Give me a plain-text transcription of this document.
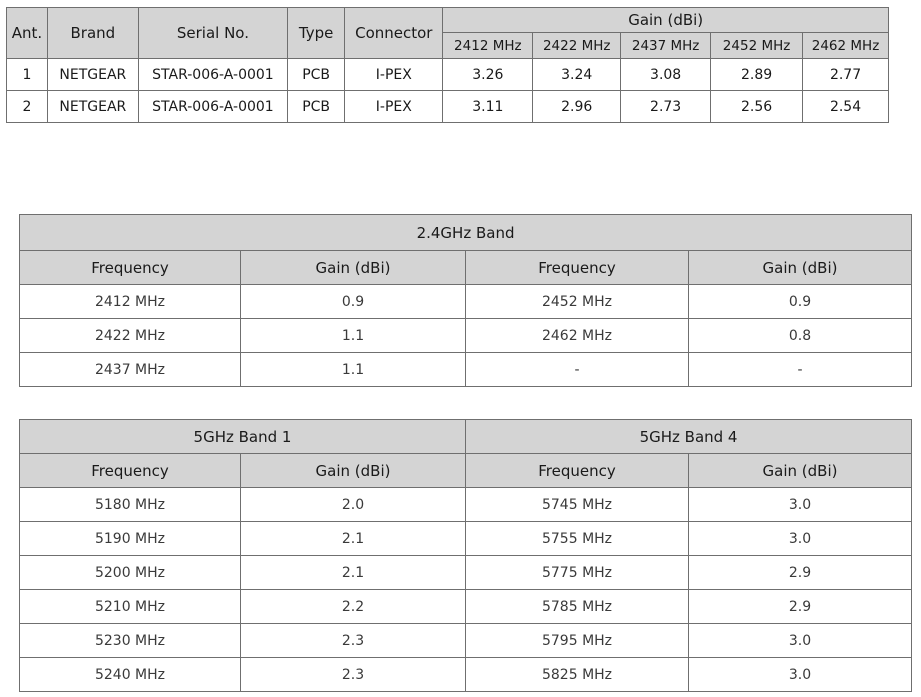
Ant.	Brand	Serial No.	Type	Connector	Gain (dBi)				
					2412 MHz	2422 MHz	2437 MHz	2452 MHz	2462 MHz
1	NETGEAR	STAR-006-A-0001	PCB	I-PEX	3.26	3.24	3.08	2.89	2.77
2	NETGEAR	STAR-006-A-0001	PCB	I-PEX	3.11	2.96	2.73	2.56	2.54
2.4GHz Band			
Frequency	Gain (dBi)	Frequency	Gain (dBi)
2412 MHz	0.9	2452 MHz	0.9
2422 MHz	1.1	2462 MHz	0.8
2437 MHz	1.1	-	-
5GHz Band 1		5GHz Band 4	
Frequency	Gain (dBi)	Frequency	Gain (dBi)
5180 MHz	2.0	5745 MHz	3.0
5190 MHz	2.1	5755 MHz	3.0
5200 MHz	2.1	5775 MHz	2.9
5210 MHz	2.2	5785 MHz	2.9
5230 MHz	2.3	5795 MHz	3.0
5240 MHz	2.3	5825 MHz	3.0
